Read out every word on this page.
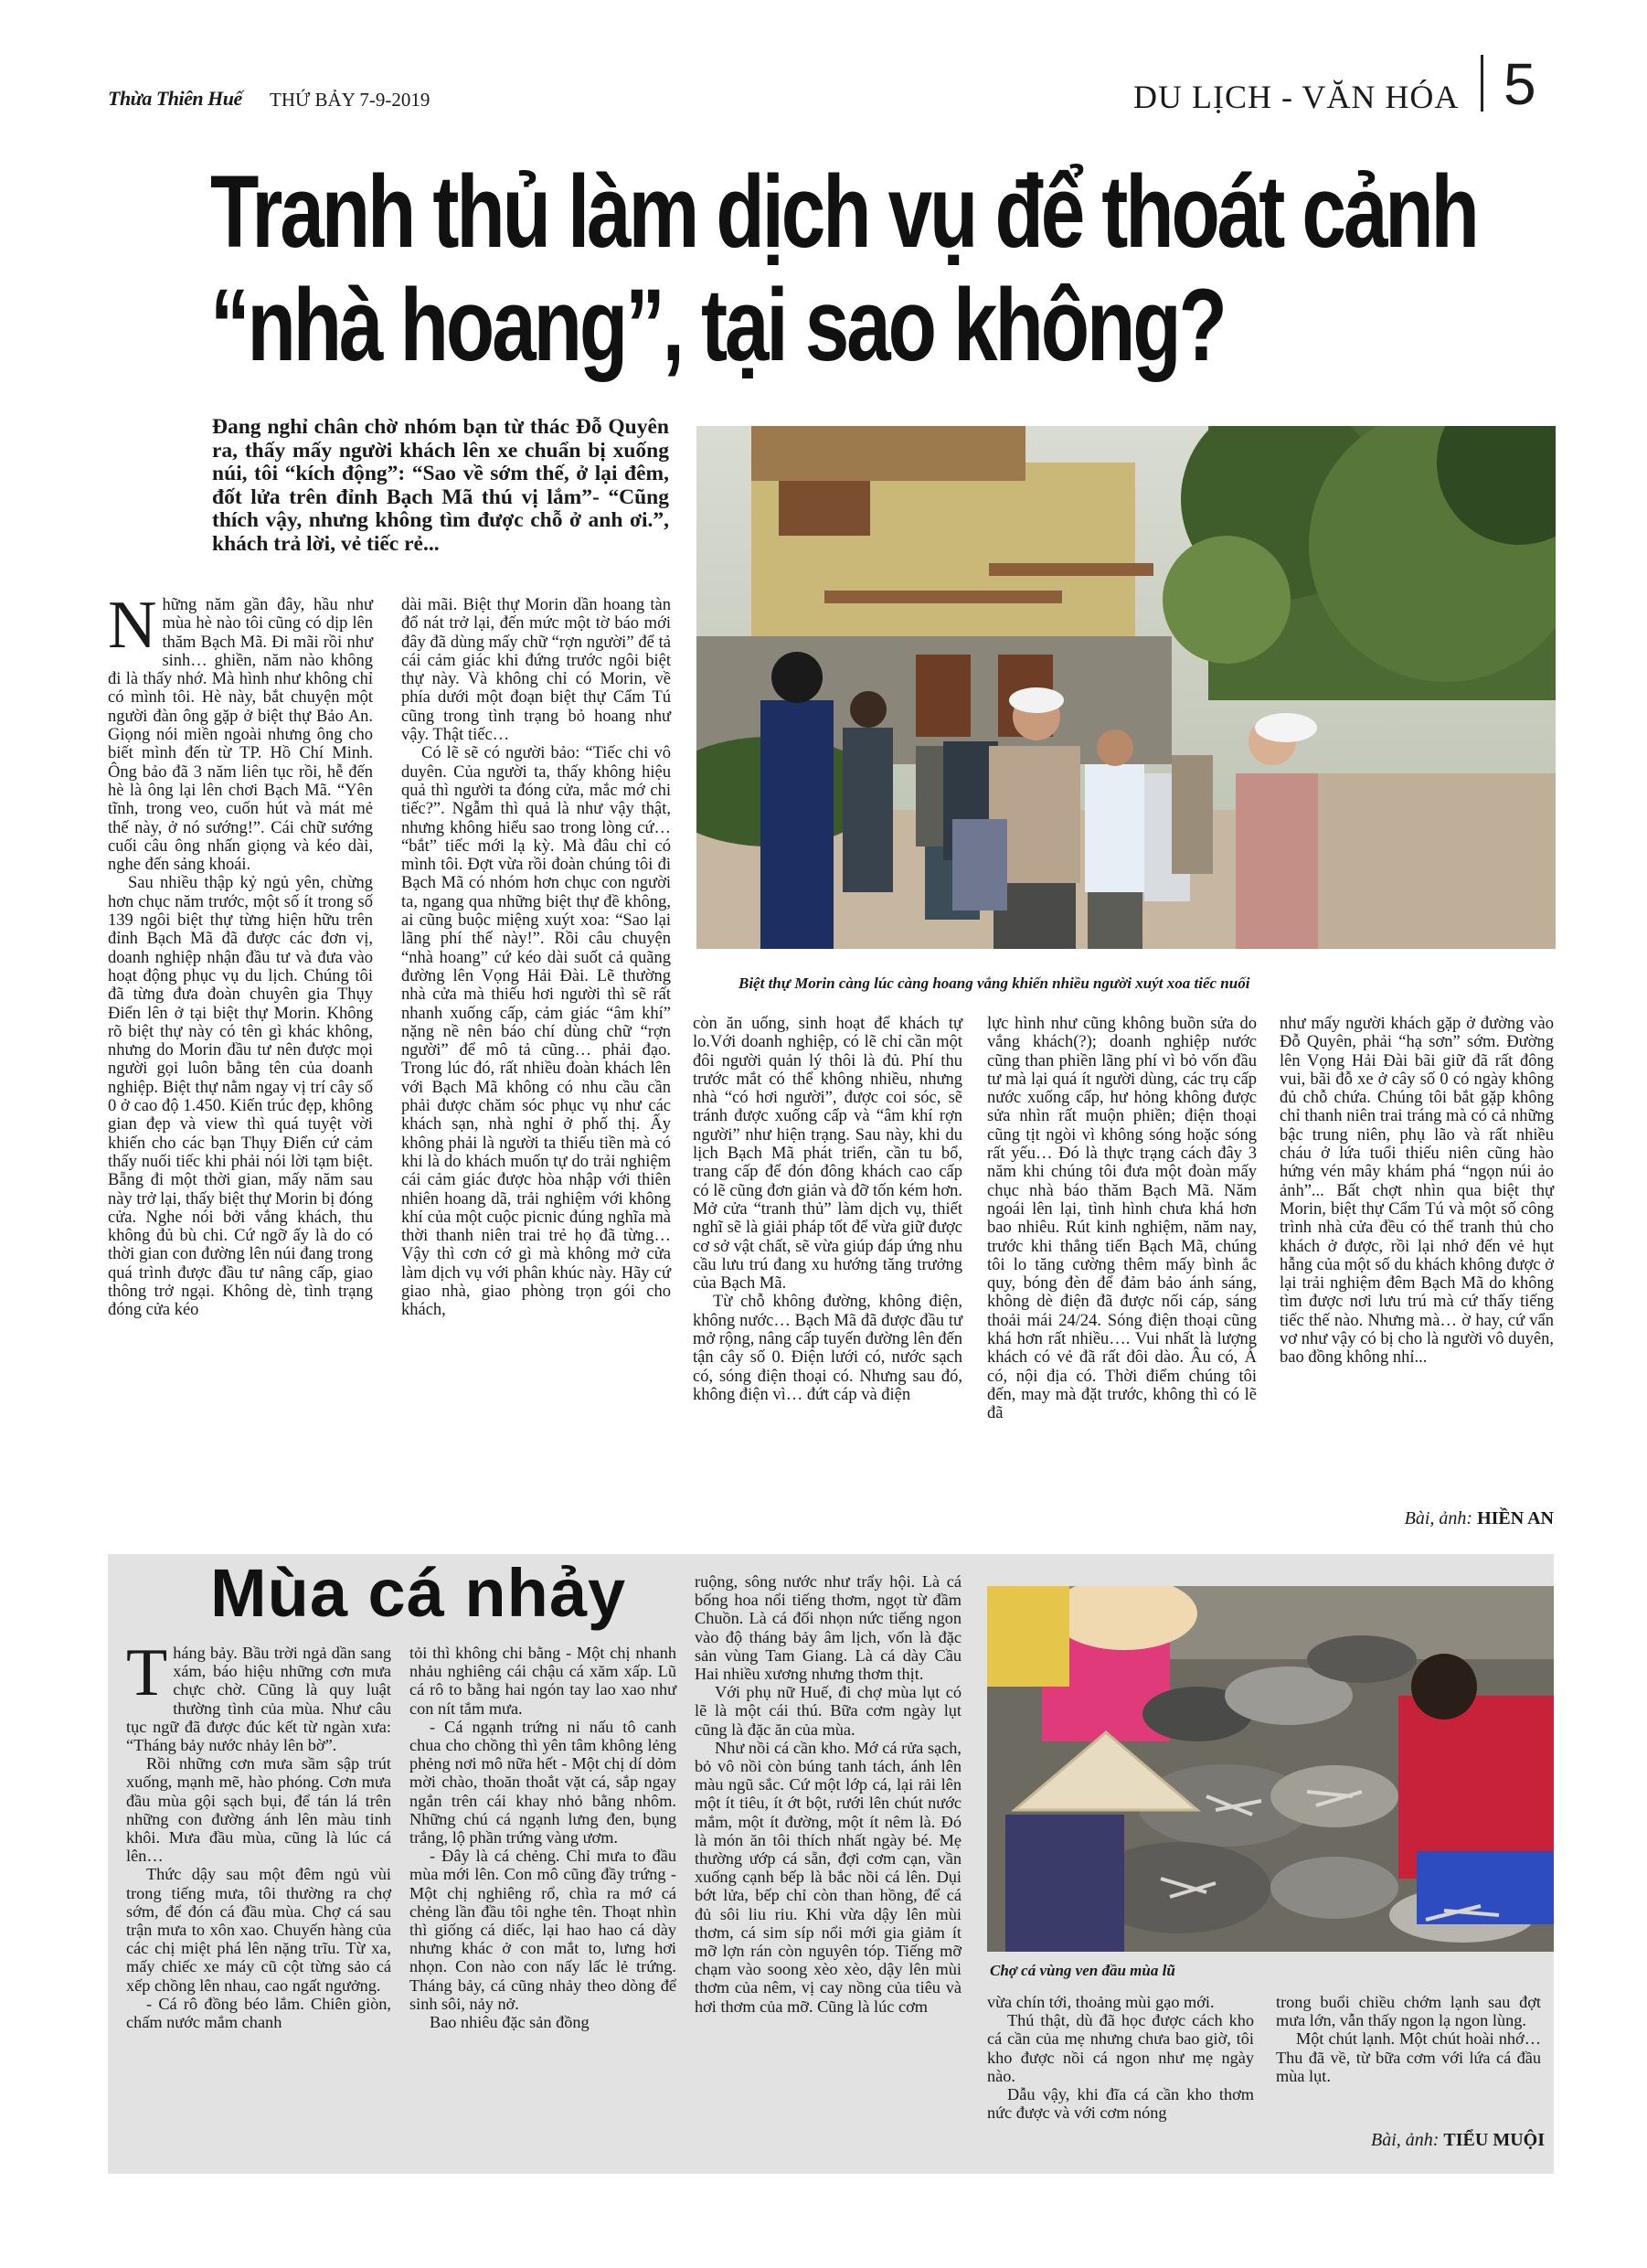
Thừa Thiên Huế THỨ BẢY 7-9-2019	DU LỊCH - VĂN HÓA 5
Tranh thủ làm dịch vụ để thoát cảnh
“nhà hoang”, tại sao không?
Đang nghỉ chân chờ nhóm bạn từ thác Đỗ Quyên ra, thấy mấy người khách lên xe chuẩn bị xuống núi, tôi “kích động”: “Sao về sớm thế, ở lại đêm, đốt lửa trên đỉnh Bạch Mã thú vị lắm”- “Cũng thích vậy, nhưng không tìm được chỗ ở anh ơi.”, khách trả lời, vẻ tiếc rẻ...
Biệt thự Morin càng lúc càng hoang vắng khiến nhiều người xuýt xoa tiếc nuối

Những năm gần đây, hầu như mùa hè nào tôi cũng có dịp lên thăm Bạch Mã. Đi mãi rồi như sinh… ghiền, năm nào không đi là thấy nhớ. Mà hình như không chỉ có mình tôi. Hè này, bắt chuyện một người đàn ông gặp ở biệt thự Bảo An. Giọng nói miền ngoài nhưng ông cho biết mình đến từ TP. Hồ Chí Minh. Ông bảo đã 3 năm liên tục rồi, hễ đến hè là ông lại lên chơi Bạch Mã. “Yên tĩnh, trong veo, cuốn hút và mát mẻ thế này, ở nó sướng!”. Cái chữ sướng cuối câu ông nhấn giọng và kéo dài, nghe đến sảng khoái.

Sau nhiều thập kỷ ngủ yên, chừng hơn chục năm trước, một số ít trong số 139 ngôi biệt thự từng hiện hữu trên đỉnh Bạch Mã đã được các đơn vị, doanh nghiệp nhận đầu tư và đưa vào hoạt động phục vụ du lịch. Chúng tôi đã từng đưa đoàn chuyên gia Thụy Điển lên ở tại biệt thự Morin. Không rõ biệt thự này có tên gì khác không, nhưng do Morin đầu tư nên được mọi người gọi luôn bằng tên của doanh nghiệp. Biệt thự nằm ngay vị trí cây số 0 ở cao độ 1.450. Kiến trúc đẹp, không gian đẹp và view thì quá tuyệt vời khiến cho các bạn Thụy Điển cứ cảm thấy nuối tiếc khi phải nói lời tạm biệt. Bẵng đi một thời gian, mấy năm sau này trở lại, thấy biệt thự Morin bị đóng cửa. Nghe nói bởi vắng khách, thu không đủ bù chi. Cứ ngỡ ấy là do có thời gian con đường lên núi đang trong quá trình được đầu tư nâng cấp, giao thông trở ngại. Không dè, tình trạng đóng cửa kéo

dài mãi. Biệt thự Morin dần hoang tàn đổ nát trở lại, đến mức một tờ báo mới đây đã dùng mấy chữ “rợn người” để tả cái cảm giác khi đứng trước ngôi biệt thự này. Và không chỉ có Morin, về phía dưới một đoạn biệt thự Cẩm Tú cũng trong tình trạng bỏ hoang như vậy. Thật tiếc…

Có lẽ sẽ có người bảo: “Tiếc chi vô duyên. Của người ta, thấy không hiệu quả thì người ta đóng cửa, mắc mớ chi tiếc?”. Ngẫm thì quả là như vậy thật, nhưng không hiểu sao trong lòng cứ… “bắt” tiếc mới lạ kỳ. Mà đâu chỉ có mình tôi. Đợt vừa rồi đoàn chúng tôi đi Bạch Mã có nhóm hơn chục con người ta, ngang qua những biệt thự đề không, ai cũng buộc miệng xuýt xoa: “Sao lại lãng phí thế này!”. Rồi câu chuyện “nhà hoang” cứ kéo dài suốt cả quãng đường lên Vọng Hải Đài. Lẽ thường nhà cửa mà thiếu hơi người thì sẽ rất nhanh xuống cấp, cảm giác “âm khí” nặng nề nên báo chí dùng chữ “rợn người” để mô tả cũng… phải đạo. Trong lúc đó, rất nhiều đoàn khách lên với Bạch Mã không có nhu cầu cần phải được chăm sóc phục vụ như các khách sạn, nhà nghỉ ở phố thị. Ấy không phải là người ta thiếu tiền mà có khi là do khách muốn tự do trải nghiệm cái cảm giác được hòa nhập với thiên nhiên hoang dã, trải nghiệm với không khí của một cuộc picnic đúng nghĩa mà thời thanh niên trai trẻ họ đã từng… Vậy thì cơn cớ gì mà không mở cửa làm dịch vụ với phân khúc này. Hãy cứ giao nhà, giao phòng trọn gói cho khách,

còn ăn uống, sinh hoạt để khách tự lo.Với doanh nghiệp, có lẽ chỉ cần một đôi người quản lý thôi là đủ. Phí thu trước mắt có thể không nhiều, nhưng nhà “có hơi người”, được coi sóc, sẽ tránh được xuống cấp và “âm khí rợn người” như hiện trạng. Sau này, khi du lịch Bạch Mã phát triển, cần tu bổ, trang cấp để đón đông khách cao cấp có lẽ cũng đơn giản và đỡ tốn kém hơn. Mở cửa “tranh thủ” làm dịch vụ, thiết nghĩ sẽ là giải pháp tốt để vừa giữ được cơ sở vật chất, sẽ vừa giúp đáp ứng nhu cầu lưu trú đang xu hướng tăng trưởng của Bạch Mã.

Từ chỗ không đường, không điện, không nước… Bạch Mã đã được đầu tư mở rộng, nâng cấp tuyến đường lên đến tận cây số 0. Điện lưới có, nước sạch có, sóng điện thoại có. Nhưng sau đó, không điện vì… đứt cáp và điện

lực hình như cũng không buồn sửa do vắng khách(?); doanh nghiệp nước cũng than phiền lãng phí vì bỏ vốn đầu tư mà lại quá ít người dùng, các trụ cấp nước xuống cấp, hư hỏng không được sửa nhìn rất muộn phiền; điện thoại cũng tịt ngòi vì không sóng hoặc sóng rất yếu… Đó là thực trạng cách đây 3 năm khi chúng tôi đưa một đoàn mấy chục nhà báo thăm Bạch Mã. Năm ngoái lên lại, tình hình chưa khá hơn bao nhiêu. Rút kinh nghiệm, năm nay, trước khi thẳng tiến Bạch Mã, chúng tôi lo tăng cường thêm mấy bình ắc quy, bóng đèn để đảm bảo ánh sáng, không dè điện đã được nối cáp, sáng thoải mái 24/24. Sóng điện thoại cũng khá hơn rất nhiều…. Vui nhất là lượng khách có vẻ đã rất đôi dào. Âu có, Á có, nội địa có. Thời điểm chúng tôi đến, may mà đặt trước, không thì có lẽ đã

như mấy người khách gặp ở đường vào Đỗ Quyên, phải “hạ sơn” sớm. Đường lên Vọng Hải Đài bãi giữ đã rất đông vui, bãi đỗ xe ở cây số 0 có ngày không đủ chỗ chứa. Chúng tôi bắt gặp không chỉ thanh niên trai tráng mà có cả những bậc trung niên, phụ lão và rất nhiều cháu ở lứa tuổi thiếu niên cũng hào hứng vén mây khám phá “ngọn núi ảo ảnh”... Bất chợt nhìn qua biệt thự Morin, biệt thự Cẩm Tú và một số công trình nhà cửa đều có thể tranh thủ cho khách ở được, rồi lại nhớ đến vẻ hụt hẫng của một số du khách không được ở lại trải nghiệm đêm Bạch Mã do không tìm được nơi lưu trú mà cứ thấy tiếng tiếc thế nào. Nhưng mà… ờ hay, cứ vẩn vơ như vậy có bị cho là người vô duyên, bao đồng không nhỉ...

Bài, ảnh: HIỀN AN
Mùa cá nhảy

Tháng bảy. Bầu trời ngả dần sang xám, báo hiệu những cơn mưa chực chờ. Cũng là quy luật thường tình của mùa. Như câu tục ngữ đã được đúc kết từ ngàn xưa: “Tháng bảy nước nhảy lên bờ”.

Rồi những cơn mưa sầm sập trút xuống, mạnh mẽ, hào phóng. Cơn mưa đầu mùa gội sạch bụi, để tán lá trên những con đường ánh lên màu tinh khôi. Mưa đầu mùa, cũng là lúc cá lên…

Thức dậy sau một đêm ngủ vùi trong tiếng mưa, tôi thường ra chợ sớm, để đón cá đầu mùa. Chợ cá sau trận mưa to xôn xao. Chuyến hàng của các chị miệt phá lên nặng trĩu. Từ xa, mấy chiếc xe máy cũ cột từng sảo cá xếp chồng lên nhau, cao ngất ngưởng.

- Cá rô đồng béo lắm. Chiên giòn, chấm nước mắm chanh

tỏi thì không chi bằng - Một chị nhanh nhảu nghiêng cái chậu cá xăm xấp. Lũ cá rô to bằng hai ngón tay lao xao như con nít tắm mưa.

- Cá ngạnh trứng ni nấu tô canh chua cho chồng thì yên tâm không lẻng phẻng nơi mô nữa hết - Một chị dí dỏm mời chào, thoăn thoắt vặt cá, sắp ngay ngắn trên cái khay nhỏ bằng nhôm. Những chú cá ngạnh lưng đen, bụng trắng, lộ phần trứng vàng ươm.

- Đây là cá chẻng. Chỉ mưa to đầu mùa mới lên. Con mô cũng đầy trứng - Một chị nghiêng rổ, chìa ra mớ cá chẻng lần đầu tôi nghe tên. Thoạt nhìn thì giống cá diếc, lại hao hao cá dày nhưng khác ở con mắt to, lưng hơi nhọn. Con nào con nấy lấc lẻ trứng. Tháng bảy, cá cũng nhảy theo dòng để sinh sôi, nảy nở.

Bao nhiêu đặc sản đồng

ruộng, sông nước như trẩy hội. Là cá bống hoa nổi tiếng thơm, ngọt từ đầm Chuồn. Là cá đối nhọn nức tiếng ngon vào độ tháng bảy âm lịch, vốn là đặc sản vùng Tam Giang. Là cá dày Cầu Hai nhiều xương nhưng thơm thịt.

Với phụ nữ Huế, đi chợ mùa lụt có lẽ là một cái thú. Bữa cơm ngày lụt cũng là đặc ăn của mùa.

Như nồi cá cần kho. Mớ cá rửa sạch, bỏ vô nồi còn búng tanh tách, ánh lên màu ngũ sắc. Cứ một lớp cá, lại rải lên một ít tiêu, ít ớt bột, rưới lên chút nước mắm, một ít đường, một ít nêm là. Đó là món ăn tôi thích nhất ngày bé. Mẹ thường ướp cá sẵn, đợi cơm cạn, vần xuống cạnh bếp là bắc nồi cá lên. Dụi bớt lửa, bếp chỉ còn than hồng, để cá đủ sôi liu riu. Khi vừa dậy lên mùi thơm, cá sim síp nổi mới gia giảm ít mỡ lợn rán còn nguyên tóp. Tiếng mỡ chạm vào soong xèo xèo, dậy lên mùi thơm của nêm, vị cay nồng của tiêu và hơi thơm của mỡ. Cũng là lúc cơm

Chợ cá vùng ven đầu mùa lũ

vừa chín tới, thoảng mùi gạo mới.

Thú thật, dù đã học được cách kho cá cần của mẹ nhưng chưa bao giờ, tôi kho được nồi cá ngon như mẹ ngày nào.

Dẫu vậy, khi đĩa cá cần kho thơm nức được và với cơm nóng

trong buổi chiều chớm lạnh sau đợt mưa lớn, vẫn thấy ngon lạ ngon lùng.

Một chút lạnh. Một chút hoài nhớ…Thu đã về, từ bữa cơm với lứa cá đầu mùa lụt.

Bài, ảnh: TIỂU MUỘI
